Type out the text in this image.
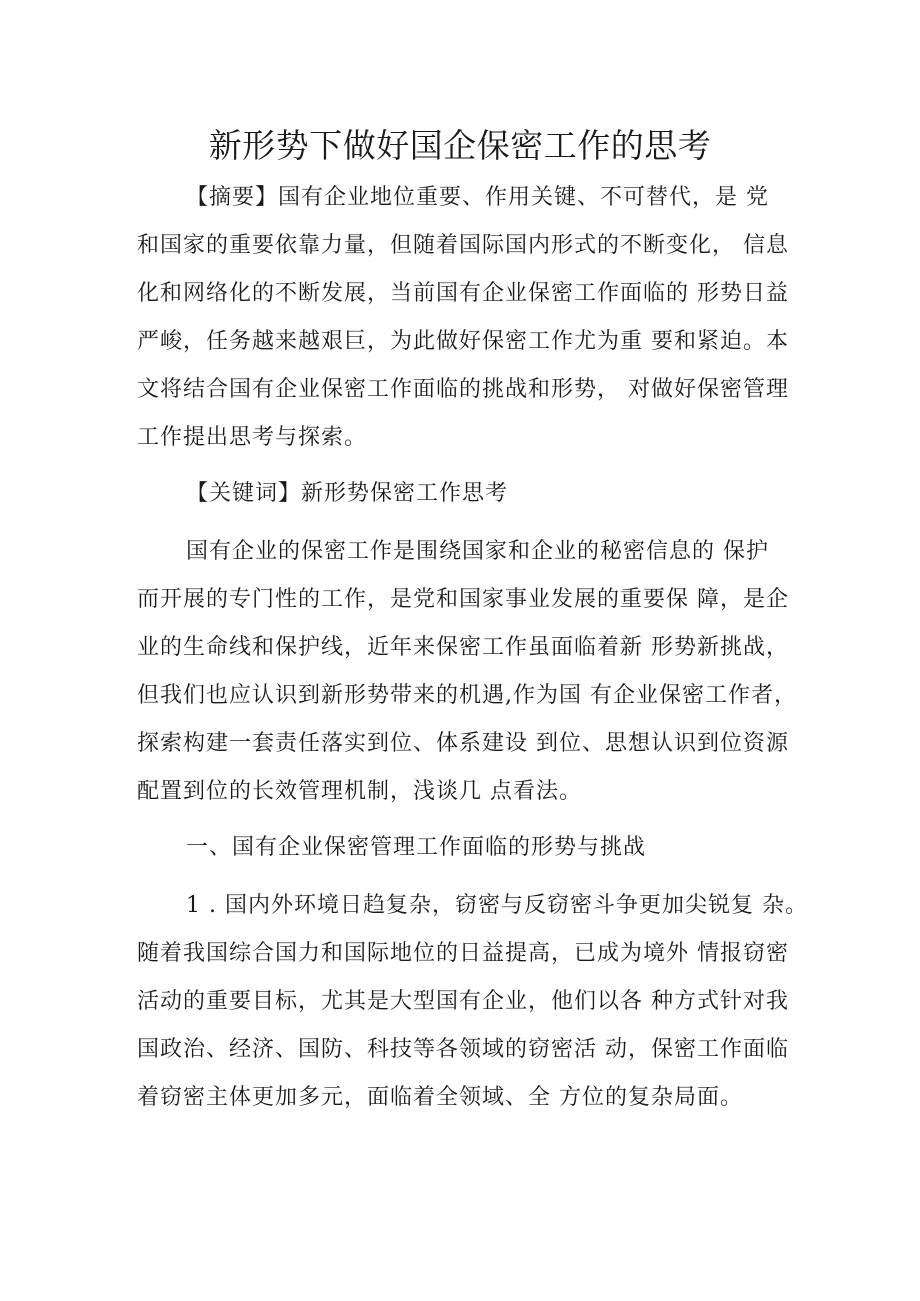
新形势下做好国企保密工作的思考

【摘要】国有企业地位重要、作用关键、不可替代，是 党

和国家的重要依靠力量，但随着国际国内形式的不断变化， 信息

化和网络化的不断发展，当前国有企业保密工作面临的 形势日益

严峻，任务越来越艰巨，为此做好保密工作尤为重 要和紧迫。本

文将结合国有企业保密工作面临的挑战和形势， 对做好保密管理

工作提出思考与探索。

【关键词】新形势保密工作思考

国有企业的保密工作是围绕国家和企业的秘密信息的 保护

而开展的专门性的工作，是党和国家事业发展的重要保 障，是企

业的生命线和保护线，近年来保密工作虽面临着新 形势新挑战，

但我们也应认识到新形势带来的机遇,作为国 有企业保密工作者，

探索构建一套责任落实到位、体系建设 到位、思想认识到位资源

配置到位的长效管理机制，浅谈几 点看法。

一、国有企业保密管理工作面临的形势与挑战

1 . 国内外环境日趋复杂，窃密与反窃密斗争更加尖锐复 杂。

随着我国综合国力和国际地位的日益提高，已成为境外 情报窃密

活动的重要目标，尤其是大型国有企业，他们以各 种方式针对我

国政治、经济、国防、科技等各领域的窃密活 动，保密工作面临

着窃密主体更加多元，面临着全领域、全 方位的复杂局面。
